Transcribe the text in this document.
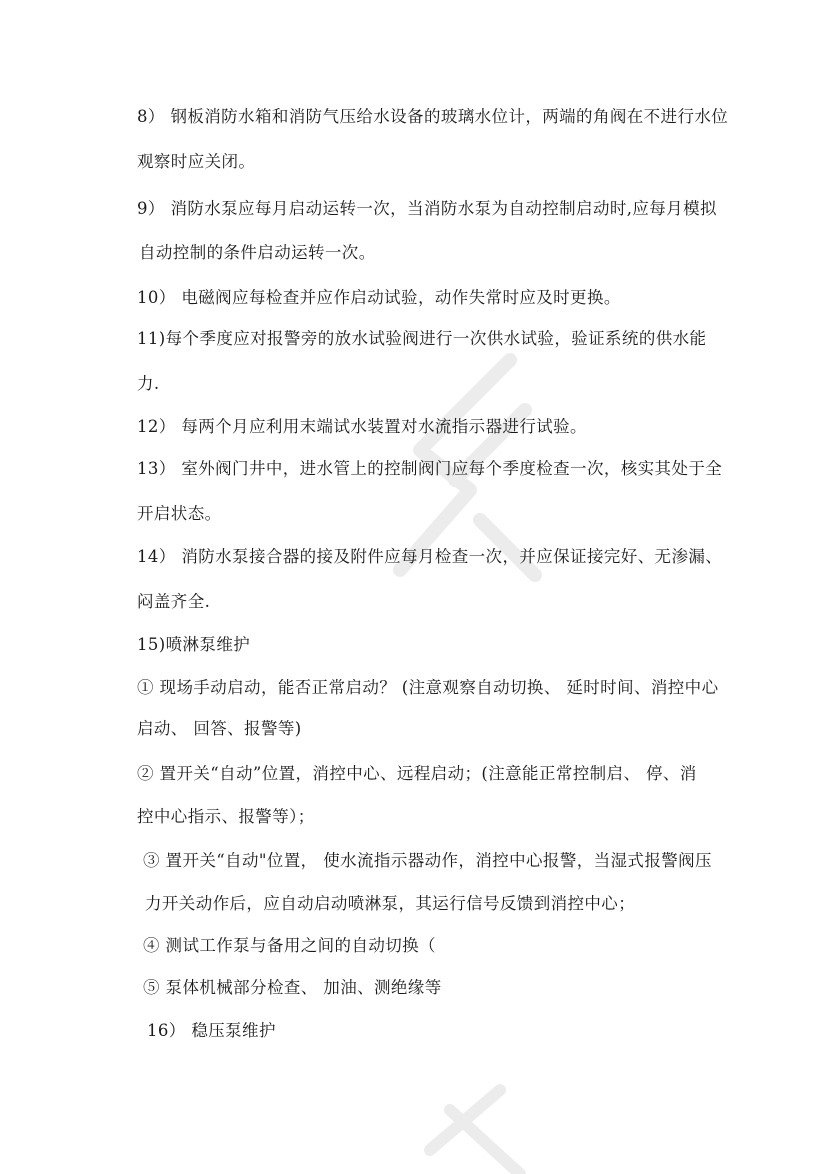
8） 钢板消防水箱和消防气压给水设备的玻璃水位计，两端的角阀在不进行水位
观察时应关闭。
9） 消防水泵应每月启动运转一次，当消防水泵为自动控制启动时,应每月模拟
自动控制的条件启动运转一次。
10） 电磁阀应每检查并应作启动试验，动作失常时应及时更换。
11)每个季度应对报警旁的放水试验阀进行一次供水试验，验证系统的供水能
力.
12） 每两个月应利用末端试水装置对水流指示器进行试验。
13） 室外阀门井中，进水管上的控制阀门应每个季度检查一次，核实其处于全
开启状态。
14） 消防水泵接合器的接及附件应每月检查一次，并应保证接完好、无渗漏、
闷盖齐全.
15)喷淋泵维护
① 现场手动启动，能否正常启动？ (注意观察自动切换、 延时时间、消控中心
启动、 回答、报警等)
② 置开关“自动”位置，消控中心、远程启动；(注意能正常控制启、 停、消
控中心指示、报警等）；
③ 置开关“自动"位置， 使水流指示器动作，消控中心报警，当湿式报警阀压
力开关动作后，应自动启动喷淋泵，其运行信号反馈到消控中心；
④ 测试工作泵与备用之间的自动切换（
⑤ 泵体机械部分检查、 加油、测绝缘等
16） 稳压泵维护
